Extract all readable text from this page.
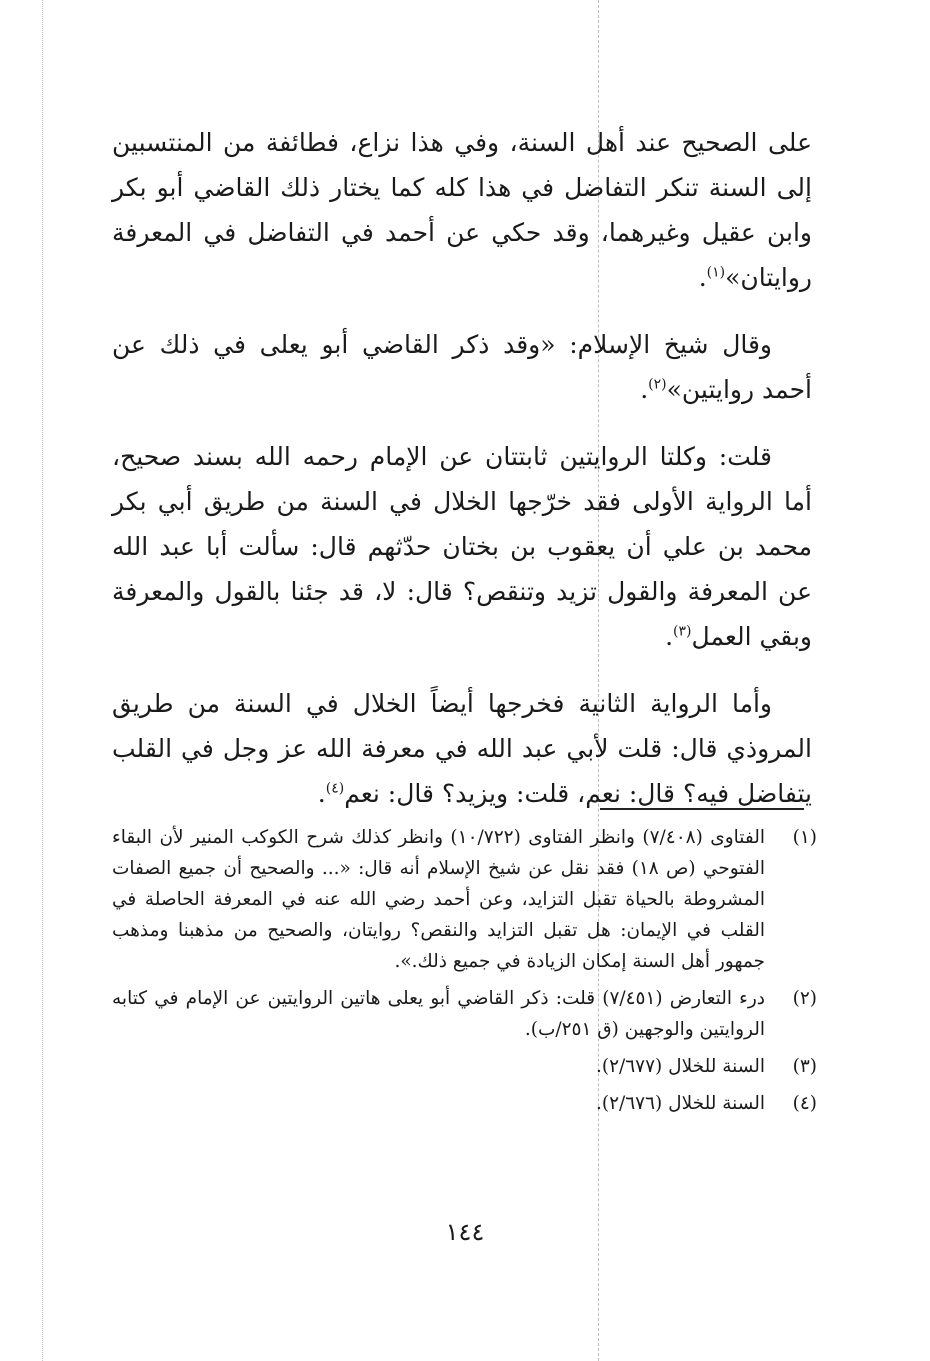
على الصحيح عند أهل السنة، وفي هذا نزاع، فطائفة من المنتسبين إلى السنة تنكر التفاضل في هذا كله كما يختار ذلك القاضي أبو بكر وابن عقيل وغيرهما، وقد حكي عن أحمد في التفاضل في المعرفة روايتان»$^{(١)}$.

وقال شيخ الإسلام: «وقد ذكر القاضي أبو يعلى في ذلك عن أحمد روايتين»$^{(٢)}$.

قلت: وكلتا الروايتين ثابتتان عن الإمام رحمه الله بسند صحيح، أما الرواية الأولى فقد خرّجها الخلال في السنة من طريق أبي بكر محمد بن علي أن يعقوب بن بختان حدّثهم قال: سألت أبا عبد الله عن المعرفة والقول تزيد وتنقص؟ قال: لا، قد جئنا بالقول والمعرفة وبقي العمل$^{(٣)}$.

وأما الرواية الثانية فخرجها أيضاً الخلال في السنة من طريق المروذي قال: قلت لأبي عبد الله في معرفة الله عز وجل في القلب يتفاضل فيه؟ قال: نعم، قلت: ويزيد؟ قال: نعم$^{(٤)}$.

(١)
الفتاوى (٧/٤٠٨) وانظر الفتاوى (١٠/٧٢٢) وانظر كذلك شرح الكوكب المنير لأن البقاء الفتوحي (ص ١٨) فقد نقل عن شيخ الإسلام أنه قال: «... والصحيح أن جميع الصفات المشروطة بالحياة تقبل التزايد، وعن أحمد رضي الله عنه في المعرفة الحاصلة في القلب في الإيمان: هل تقبل التزايد والنقص؟ روايتان، والصحيح من مذهبنا ومذهب جمهور أهل السنة إمكان الزيادة في جميع ذلك.».
(٢)
درء التعارض (٧/٤٥١) قلت: ذكر القاضي أبو يعلى هاتين الروايتين عن الإمام في كتابه الروايتين والوجهين (ق ٢٥١/ب).
(٣)
السنة للخلال (٢/٦٧٧).
(٤)
السنة للخلال (٢/٦٧٦).
١٤٤
